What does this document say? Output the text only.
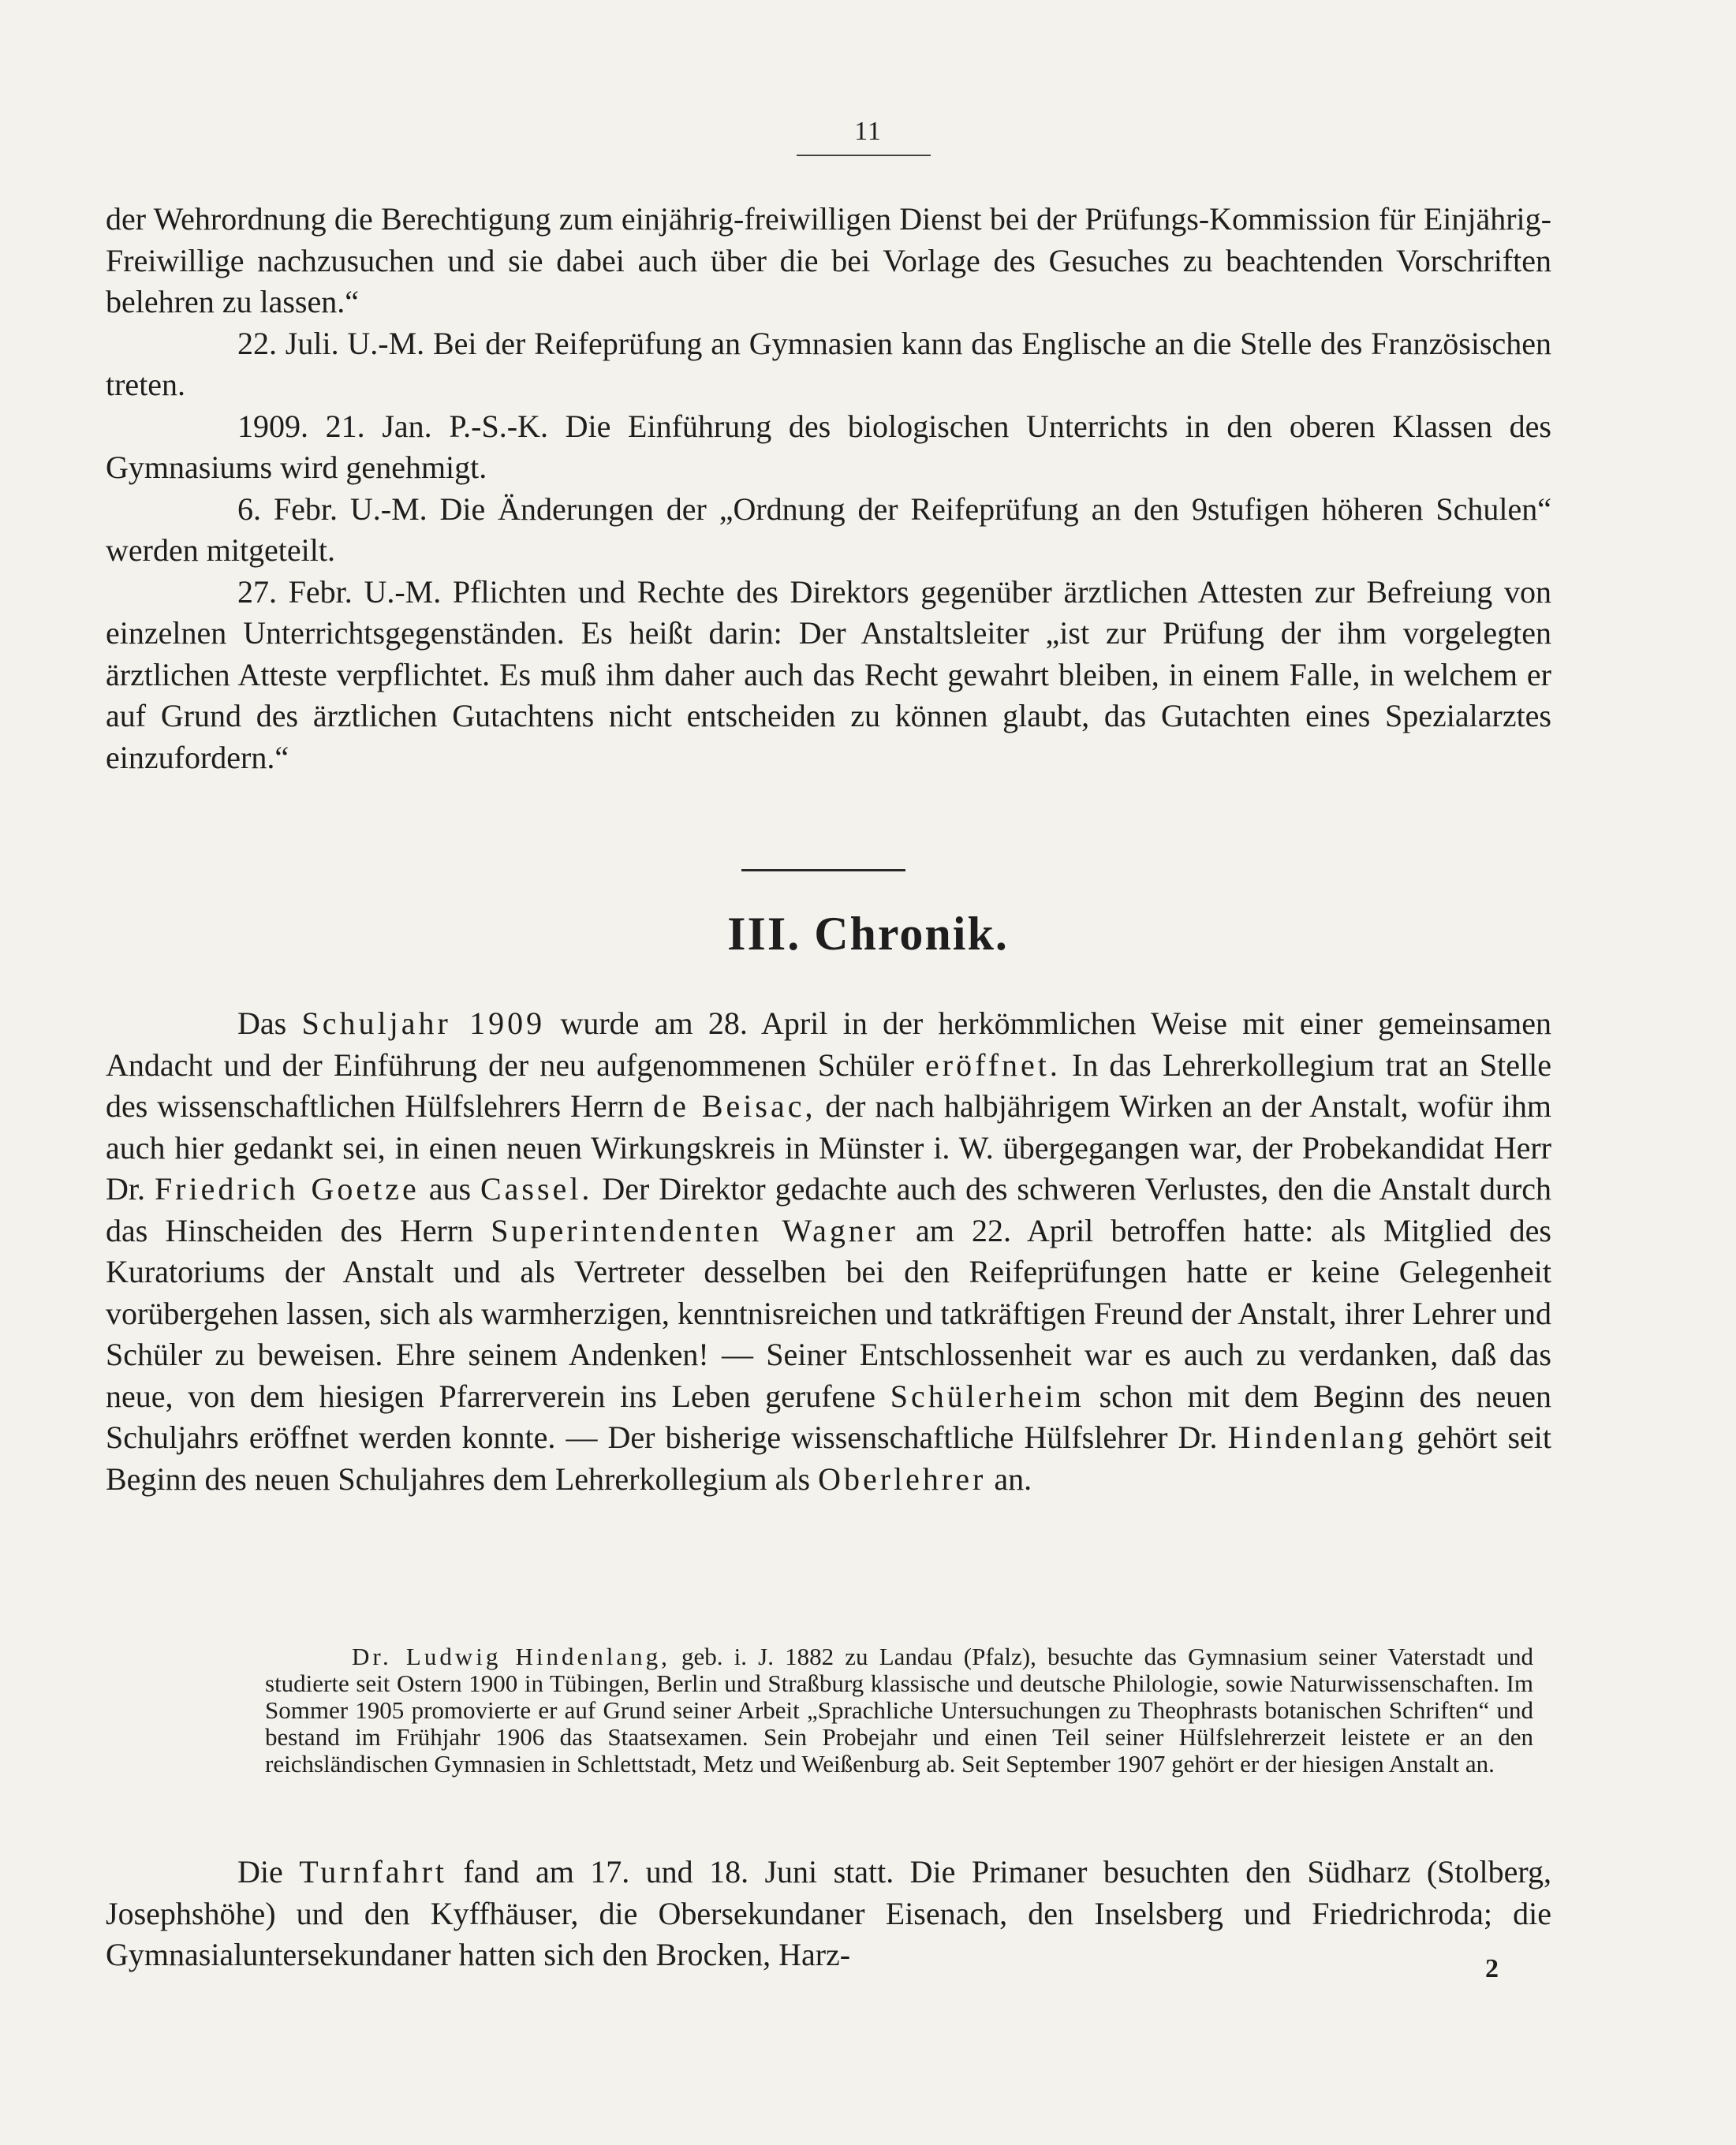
11

der Wehrordnung die Berechtigung zum einjährig-freiwilligen Dienst bei der Prüfungs-Kommission für Einjährig-Freiwillige nachzusuchen und sie dabei auch über die bei Vorlage des Gesuches zu beachtenden Vorschriften belehren zu lassen.“

22. Juli. U.-M. Bei der Reifeprüfung an Gymnasien kann das Englische an die Stelle des Französischen treten.

1909. 21. Jan. P.-S.-K. Die Einführung des biologischen Unterrichts in den oberen Klassen des Gymnasiums wird genehmigt.

6. Febr. U.-M. Die Änderungen der „Ordnung der Reifeprüfung an den 9stufigen höheren Schulen“ werden mitgeteilt.

27. Febr. U.-M. Pflichten und Rechte des Direktors gegenüber ärztlichen Attesten zur Befreiung von einzelnen Unterrichtsgegenständen. Es heißt darin: Der Anstaltsleiter „ist zur Prüfung der ihm vorgelegten ärztlichen Atteste verpflichtet. Es muß ihm daher auch das Recht gewahrt bleiben, in einem Falle, in welchem er auf Grund des ärztlichen Gutachtens nicht entscheiden zu können glaubt, das Gutachten eines Spezialarztes einzufordern.“

III. Chronik.

Das Schuljahr 1909 wurde am 28. April in der herkömmlichen Weise mit einer gemeinsamen Andacht und der Einführung der neu aufgenommenen Schüler eröffnet. In das Lehrerkollegium trat an Stelle des wissenschaftlichen Hülfslehrers Herrn de Beisac, der nach halbjährigem Wirken an der Anstalt, wofür ihm auch hier gedankt sei, in einen neuen Wirkungskreis in Münster i. W. übergegangen war, der Probekandidat Herr Dr. Friedrich Goetze aus Cassel. Der Direktor gedachte auch des schweren Verlustes, den die Anstalt durch das Hinscheiden des Herrn Superintendenten Wagner am 22. April betroffen hatte: als Mitglied des Kuratoriums der Anstalt und als Vertreter desselben bei den Reifeprüfungen hatte er keine Gelegenheit vorübergehen lassen, sich als warmherzigen, kenntnisreichen und tatkräftigen Freund der Anstalt, ihrer Lehrer und Schüler zu beweisen. Ehre seinem Andenken! — Seiner Entschlossenheit war es auch zu verdanken, daß das neue, von dem hiesigen Pfarrerverein ins Leben gerufene Schülerheim schon mit dem Beginn des neuen Schuljahrs eröffnet werden konnte. — Der bisherige wissenschaftliche Hülfslehrer Dr. Hindenlang gehört seit Beginn des neuen Schuljahres dem Lehrerkollegium als Oberlehrer an.

Dr. Ludwig Hindenlang, geb. i. J. 1882 zu Landau (Pfalz), besuchte das Gymnasium seiner Vaterstadt und studierte seit Ostern 1900 in Tübingen, Berlin und Straßburg klassische und deutsche Philologie, sowie Naturwissenschaften. Im Sommer 1905 promovierte er auf Grund seiner Arbeit „Sprachliche Untersuchungen zu Theophrasts botanischen Schriften“ und bestand im Frühjahr 1906 das Staatsexamen. Sein Probejahr und einen Teil seiner Hülfslehrerzeit leistete er an den reichsländischen Gymnasien in Schlettstadt, Metz und Weißenburg ab. Seit September 1907 gehört er der hiesigen Anstalt an.

Die Turnfahrt fand am 17. und 18. Juni statt. Die Primaner besuchten den Südharz (Stolberg, Josephshöhe) und den Kyffhäuser, die Obersekundaner Eisenach, den Inselsberg und Friedrichroda; die Gymnasialuntersekundaner hatten sich den Brocken, Harz-	2
